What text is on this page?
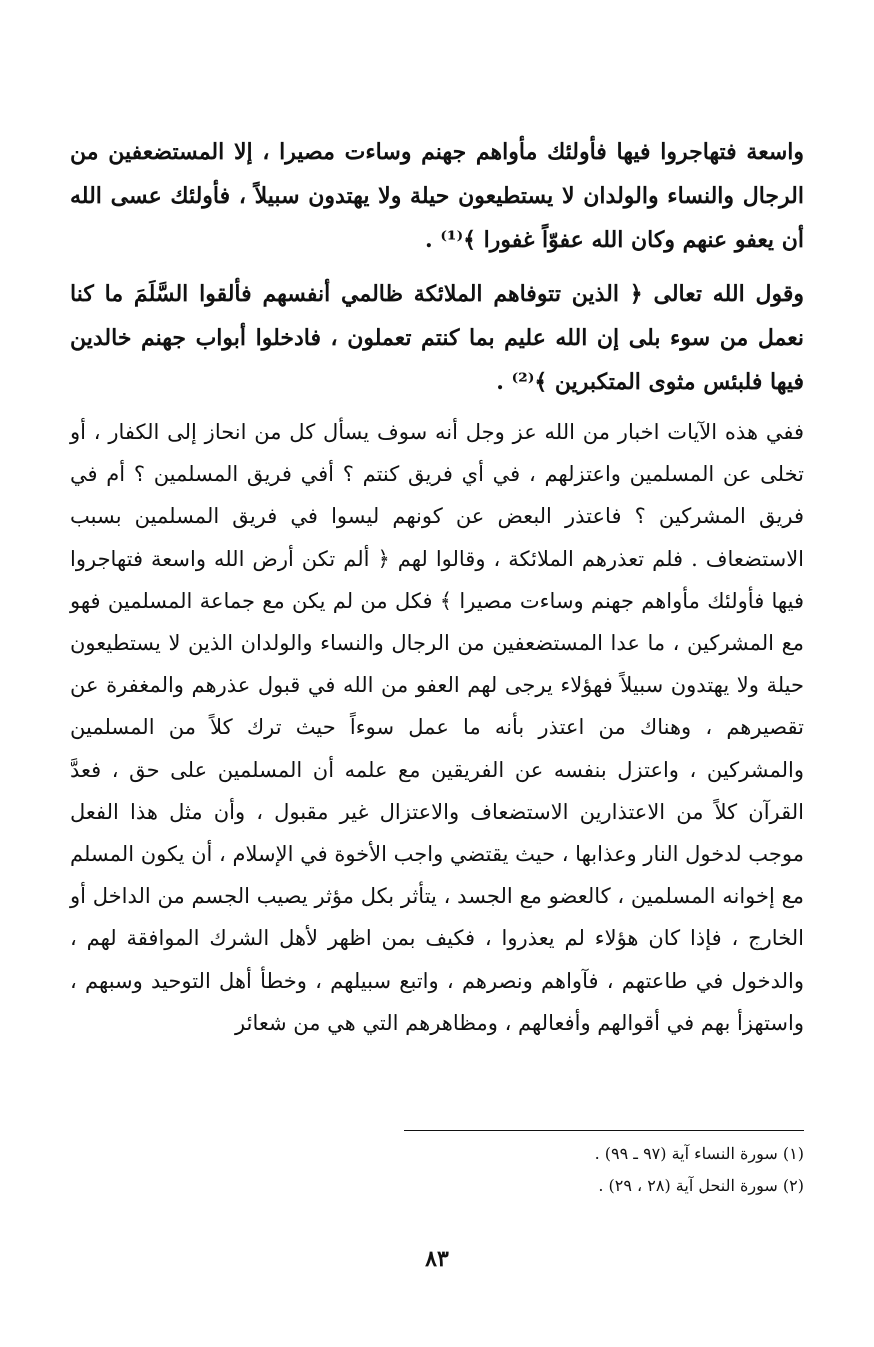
واسعة فتهاجروا فيها فأولئك مأواهم جهنم وساءت مصيرا ، إلا المستضعفين من الرجال والنساء والولدان لا يستطيعون حيلة ولا يهتدون سبيلاً ، فأولئك عسى الله أن يعفو عنهم وكان الله عفوّاً غفورا ﴾⁽¹⁾ .

وقول الله تعالى ﴿ الذين تتوفاهم الملائكة ظالمي أنفسهم فألقوا السَّلَمَ ما كنا نعمل من سوء بلى إن الله عليم بما كنتم تعملون ، فادخلوا أبواب جهنم خالدين فيها فلبئس مثوى المتكبرين ﴾⁽²⁾ .

ففي هذه الآيات اخبار من الله عز وجل أنه سوف يسأل كل من انحاز إلى الكفار ، أو تخلى عن المسلمين واعتزلهم ، في أي فريق كنتم ؟ أفي فريق المسلمين ؟ أم في فريق المشركين ؟ فاعتذر البعض عن كونهم ليسوا في فريق المسلمين بسبب الاستضعاف . فلم تعذرهم الملائكة ، وقالوا لهم ﴿ ألم تكن أرض الله واسعة فتهاجروا فيها فأولئك مأواهم جهنم وساءت مصيرا ﴾ فكل من لم يكن مع جماعة المسلمين فهو مع المشركين ، ما عدا المستضعفين من الرجال والنساء والولدان الذين لا يستطيعون حيلة ولا يهتدون سبيلاً فهؤلاء يرجى لهم العفو من الله في قبول عذرهم والمغفرة عن تقصيرهم ، وهناك من اعتذر بأنه ما عمل سوءاً حيث ترك كلاً من المسلمين والمشركين ، واعتزل بنفسه عن الفريقين مع علمه أن المسلمين على حق ، فعدَّ القرآن كلاً من الاعتذارين الاستضعاف والاعتزال غير مقبول ، وأن مثل هذا الفعل موجب لدخول النار وعذابها ، حيث يقتضي واجب الأخوة في الإسلام ، أن يكون المسلم مع إخوانه المسلمين ، كالعضو مع الجسد ، يتأثر بكل مؤثر يصيب الجسم من الداخل أو الخارج ، فإذا كان هؤلاء لم يعذروا ، فكيف بمن اظهر لأهل الشرك الموافقة لهم ، والدخول في طاعتهم ، فآواهم ونصرهم ، واتبع سبيلهم ، وخطأ أهل التوحيد وسبهم ، واستهزأ بهم في أقوالهم وأفعالهم ، ومظاهرهم التي هي من شعائر

(١) سورة النساء آية (٩٧ ـ ٩٩) .
(٢) سورة النحل آية (٢٨ ، ٢٩) .
٨٣
